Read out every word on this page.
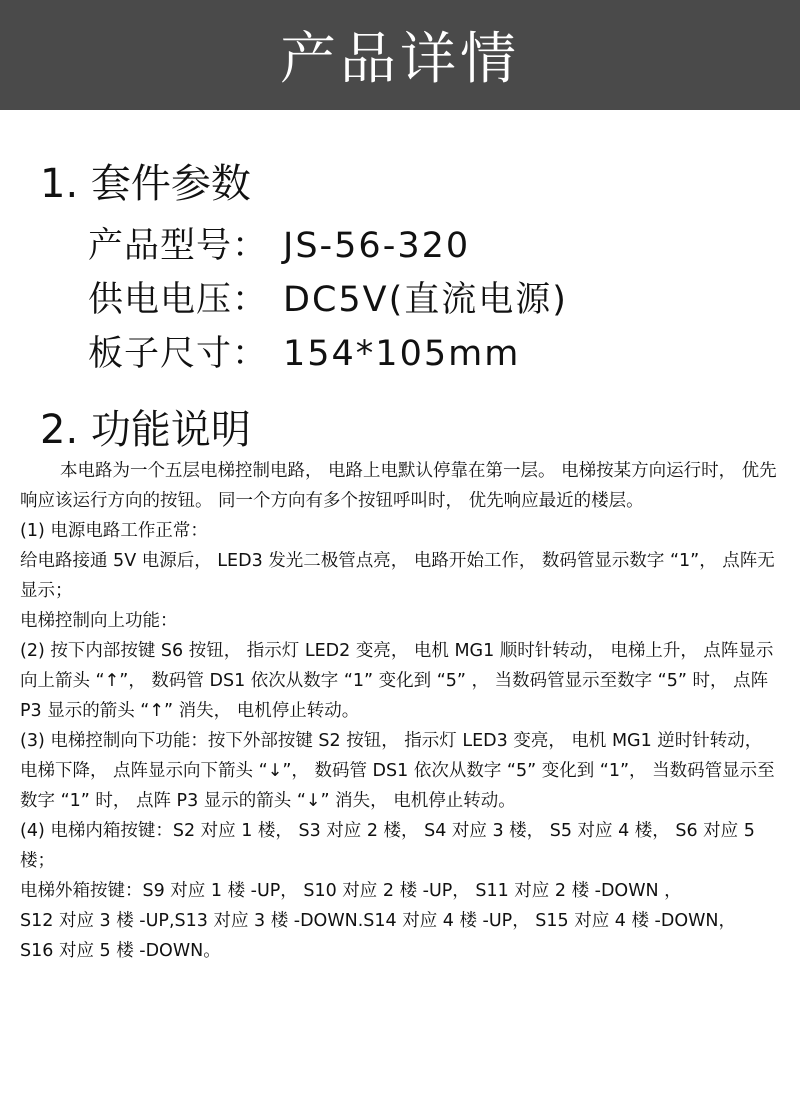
产品详情
1. 套件参数
产品型号： JS-56-320
供电电压： DC5V(直流电源)
板子尺寸： 154*105mm
2. 功能说明

本电路为一个五层电梯控制电路， 电路上电默认停靠在第一层。 电梯按某方向运行时， 优先响应该运行方向的按钮。 同一个方向有多个按钮呼叫时， 优先响应最近的楼层。

(1) 电源电路工作正常：

给电路接通 5V 电源后， LED3 发光二极管点亮， 电路开始工作， 数码管显示数字 “1”， 点阵无显示；

电梯控制向上功能：

(2) 按下内部按键 S6 按钮， 指示灯 LED2 变亮， 电机 MG1 顺时针转动， 电梯上升， 点阵显示向上箭头 “↑”， 数码管 DS1 依次从数字 “1” 变化到 “5” ， 当数码管显示至数字 “5” 时， 点阵 P3 显示的箭头 “↑” 消失， 电机停止转动。

(3) 电梯控制向下功能：按下外部按键 S2 按钮， 指示灯 LED3 变亮， 电机 MG1 逆时针转动， 电梯下降， 点阵显示向下箭头 “↓”， 数码管 DS1 依次从数字 “5” 变化到 “1”， 当数码管显示至数字 “1” 时， 点阵 P3 显示的箭头 “↓” 消失， 电机停止转动。

(4) 电梯内箱按键：S2 对应 1 楼， S3 对应 2 楼， S4 对应 3 楼， S5 对应 4 楼， S6 对应 5 楼；

电梯外箱按键：S9 对应 1 楼 -UP， S10 对应 2 楼 -UP， S11 对应 2 楼 -DOWN ，

S12 对应 3 楼 -UP,S13 对应 3 楼 -DOWN.S14 对应 4 楼 -UP， S15 对应 4 楼 -DOWN，

S16 对应 5 楼 -DOWN。
